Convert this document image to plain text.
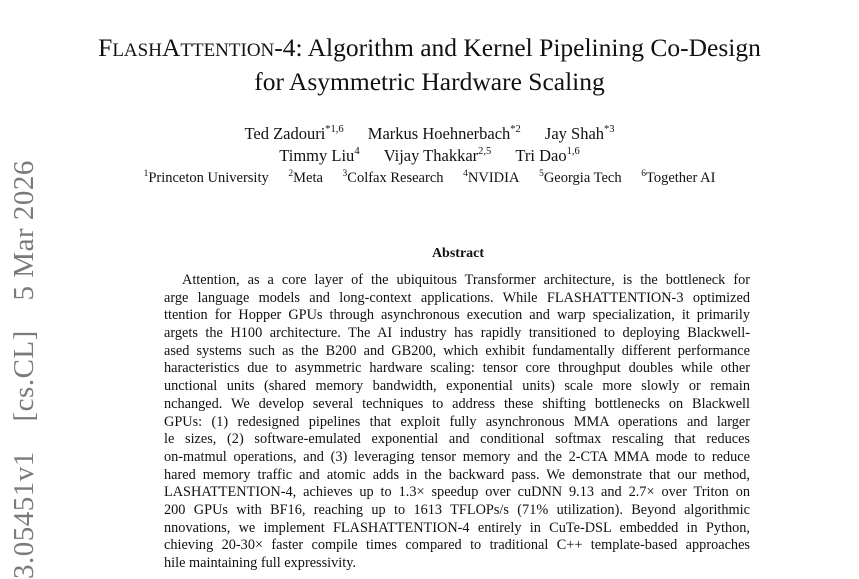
3.05451v1 [cs.CL] 5 Mar 2026
FLASHATTENTION-4: Algorithm and Kernel Pipelining Co-Design
for Asymmetric Hardware Scaling
Ted Zadouri$^{*1,6}$ Markus Hoehnerbach$^{*2}$ Jay Shah$^{*3}$
Timmy Liu$^4$ Vijay Thakkar$^{2,5}$ Tri Dao$^{1,6}$
$^1$Princeton University $^2$Meta $^3$Colfax Research $^4$NVIDIA $^5$Georgia Tech $^6$Together AI
Abstract
Attention, as a core layer of the ubiquitous Transformer architecture, is the bottleneck for
arge language models and long-context applications. While FLASHATTENTION-3 optimized
ttention for Hopper GPUs through asynchronous execution and warp specialization, it primarily
argets the H100 architecture. The AI industry has rapidly transitioned to deploying Blackwell-
ased systems such as the B200 and GB200, which exhibit fundamentally different performance
haracteristics due to asymmetric hardware scaling: tensor core throughput doubles while other
unctional units (shared memory bandwidth, exponential units) scale more slowly or remain
nchanged. We develop several techniques to address these shifting bottlenecks on Blackwell
GPUs: (1) redesigned pipelines that exploit fully asynchronous MMA operations and larger
le sizes, (2) software-emulated exponential and conditional softmax rescaling that reduces
on-matmul operations, and (3) leveraging tensor memory and the 2-CTA MMA mode to reduce
hared memory traffic and atomic adds in the backward pass. We demonstrate that our method,
LASHATTENTION-4, achieves up to 1.3× speedup over cuDNN 9.13 and 2.7× over Triton on
200 GPUs with BF16, reaching up to 1613 TFLOPs/s (71% utilization). Beyond algorithmic
nnovations, we implement FLASHATTENTION-4 entirely in CuTe-DSL embedded in Python,
chieving 20-30× faster compile times compared to traditional C++ template-based approaches
hile maintaining full expressivity.
